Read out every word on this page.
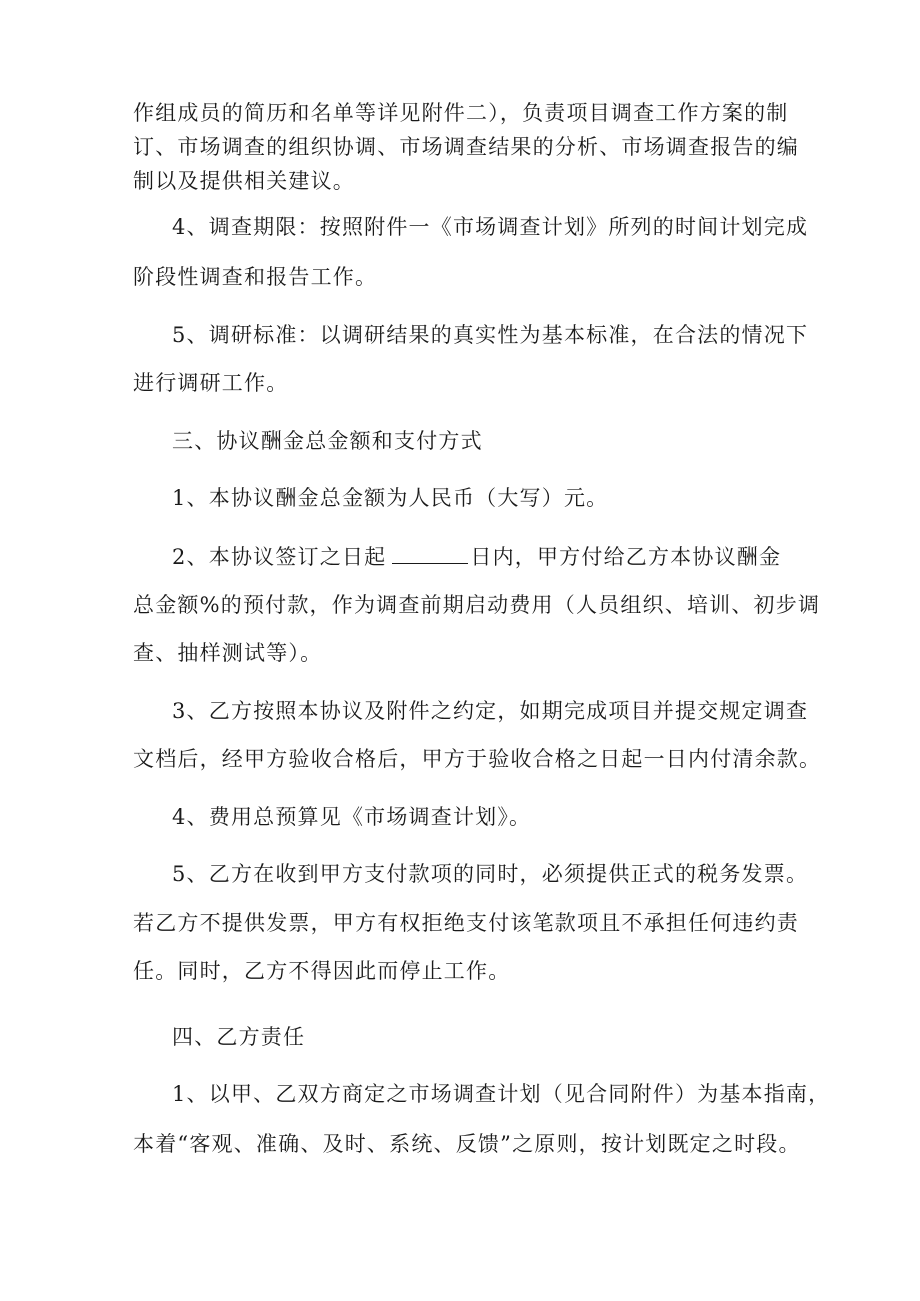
作组成员的简历和名单等详见附件二），负责项目调查工作方案的制
订、市场调查的组织协调、市场调查结果的分析、市场调查报告的编
制以及提供相关建议。
4、调查期限：按照附件一《市场调查计划》所列的时间计划完成
阶段性调查和报告工作。
5、调研标准：以调研结果的真实性为基本标准，在合法的情况下
进行调研工作。
三、协议酬金总金额和支付方式
1、本协议酬金总金额为人民币（大写）元。
2、本协议签订之日起	日内，甲方付给乙方本协议酬金
总金额%的预付款，作为调查前期启动费用（人员组织、培训、初步调
查、抽样测试等）。
3、乙方按照本协议及附件之约定，如期完成项目并提交规定调查
文档后，经甲方验收合格后，甲方于验收合格之日起一日内付清余款。
4、费用总预算见《市场调查计划》。
5、乙方在收到甲方支付款项的同时，必须提供正式的税务发票。
若乙方不提供发票，甲方有权拒绝支付该笔款项且不承担任何违约责
任。同时，乙方不得因此而停止工作。
四、乙方责任
1、以甲、乙双方商定之市场调查计划（见合同附件）为基本指南，
本着“客观、准确、及时、系统、反馈”之原则，按计划既定之时段。
